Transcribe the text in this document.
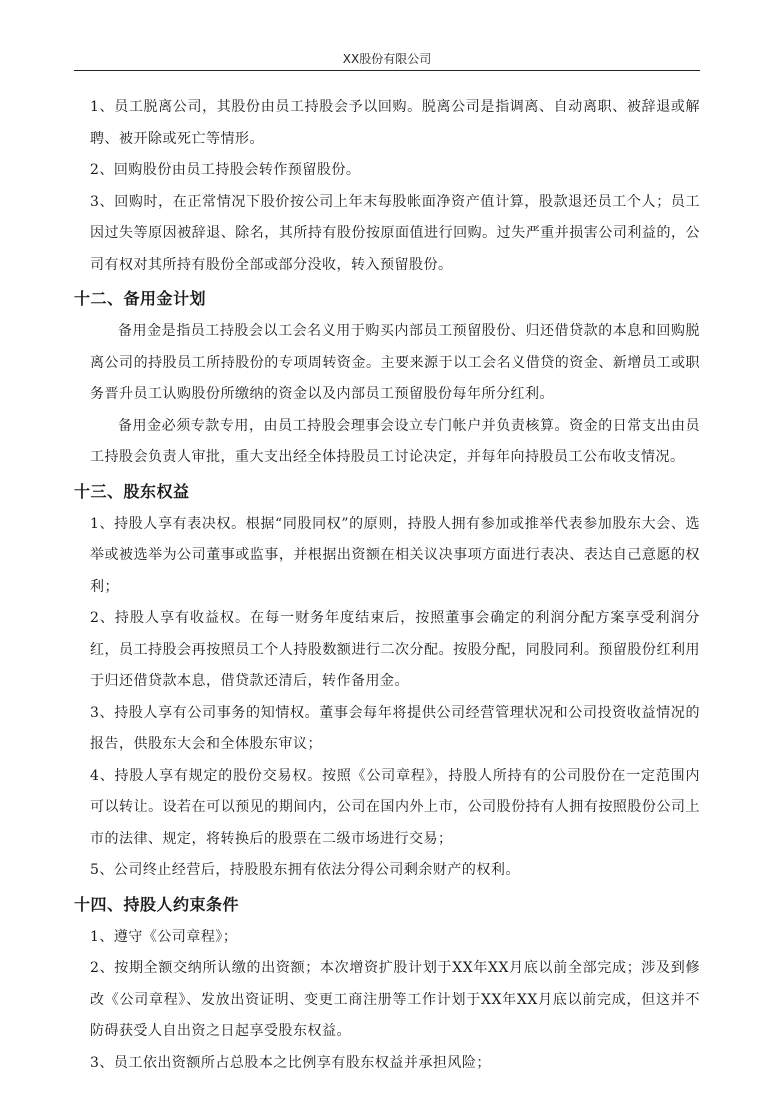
XX股份有限公司

1、员工脱离公司，其股份由员工持股会予以回购。脱离公司是指调离、自动离职、被辞退或解聘、被开除或死亡等情形。

2、回购股份由员工持股会转作预留股份。

3、回购时，在正常情况下股价按公司上年末每股帐面净资产值计算，股款退还员工个人；员工因过失等原因被辞退、除名，其所持有股份按原面值进行回购。过失严重并损害公司利益的，公司有权对其所持有股份全部或部分没收，转入预留股份。

十二、备用金计划

备用金是指员工持股会以工会名义用于购买内部员工预留股份、归还借贷款的本息和回购脱离公司的持股员工所持股份的专项周转资金。主要来源于以工会名义借贷的资金、新增员工或职务晋升员工认购股份所缴纳的资金以及内部员工预留股份每年所分红利。

备用金必须专款专用，由员工持股会理事会设立专门帐户并负责核算。资金的日常支出由员工持股会负责人审批，重大支出经全体持股员工讨论决定，并每年向持股员工公布收支情况。

十三、股东权益

1、持股人享有表决权。根据“同股同权”的原则，持股人拥有参加或推举代表参加股东大会、选举或被选举为公司董事或监事，并根据出资额在相关议决事项方面进行表决、表达自己意愿的权利；

2、持股人享有收益权。在每一财务年度结束后，按照董事会确定的利润分配方案享受利润分红，员工持股会再按照员工个人持股数额进行二次分配。按股分配，同股同利。预留股份红利用于归还借贷款本息，借贷款还清后，转作备用金。

3、持股人享有公司事务的知情权。董事会每年将提供公司经营管理状况和公司投资收益情况的报告，供股东大会和全体股东审议；

4、持股人享有规定的股份交易权。按照《公司章程》，持股人所持有的公司股份在一定范围内可以转让。设若在可以预见的期间内，公司在国内外上市，公司股份持有人拥有按照股份公司上市的法律、规定，将转换后的股票在二级市场进行交易；

5、公司终止经营后，持股股东拥有依法分得公司剩余财产的权利。

十四、持股人约束条件

1、遵守《公司章程》；

2、按期全额交纳所认缴的出资额；本次增资扩股计划于XX年XX月底以前全部完成；涉及到修改《公司章程》、发放出资证明、变更工商注册等工作计划于XX年XX月底以前完成，但这并不防碍获受人自出资之日起享受股东权益。

3、员工依出资额所占总股本之比例享有股东权益并承担风险；
